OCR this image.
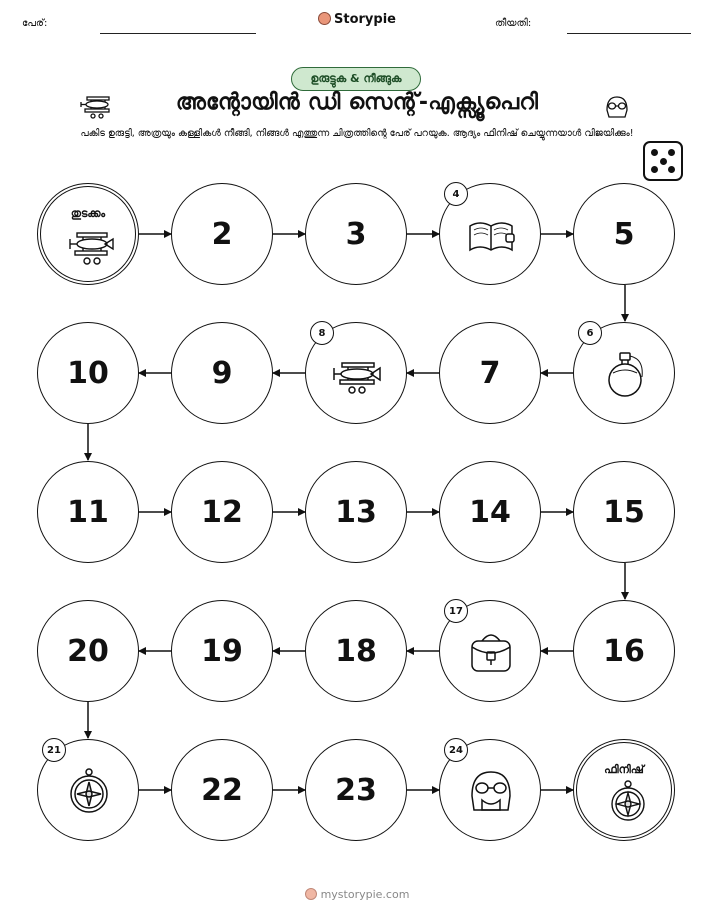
പേര്:	Storypie	തീയതി:
ഉരുട്ടുക & നീങ്ങുക
അന്റോയിൻ ഡി സെന്റ്-എക്സ്യൂപെറി
പകിട ഉരുട്ടി, അത്രയും കള്ളികൾ നീങ്ങി, നിങ്ങൾ എത്തുന്ന ചിത്രത്തിന്റെ പേര് പറയുക. ആദ്യം ഫിനിഷ് ചെയ്യുന്നയാൾ വിജയിക്കും!
തുടക്കം
2	3
4
5
10	9
8
7
6
11	12	13	14	15
20	19	18
17
16
21
22	23
24
ഫിനിഷ്
mystorypie.com
